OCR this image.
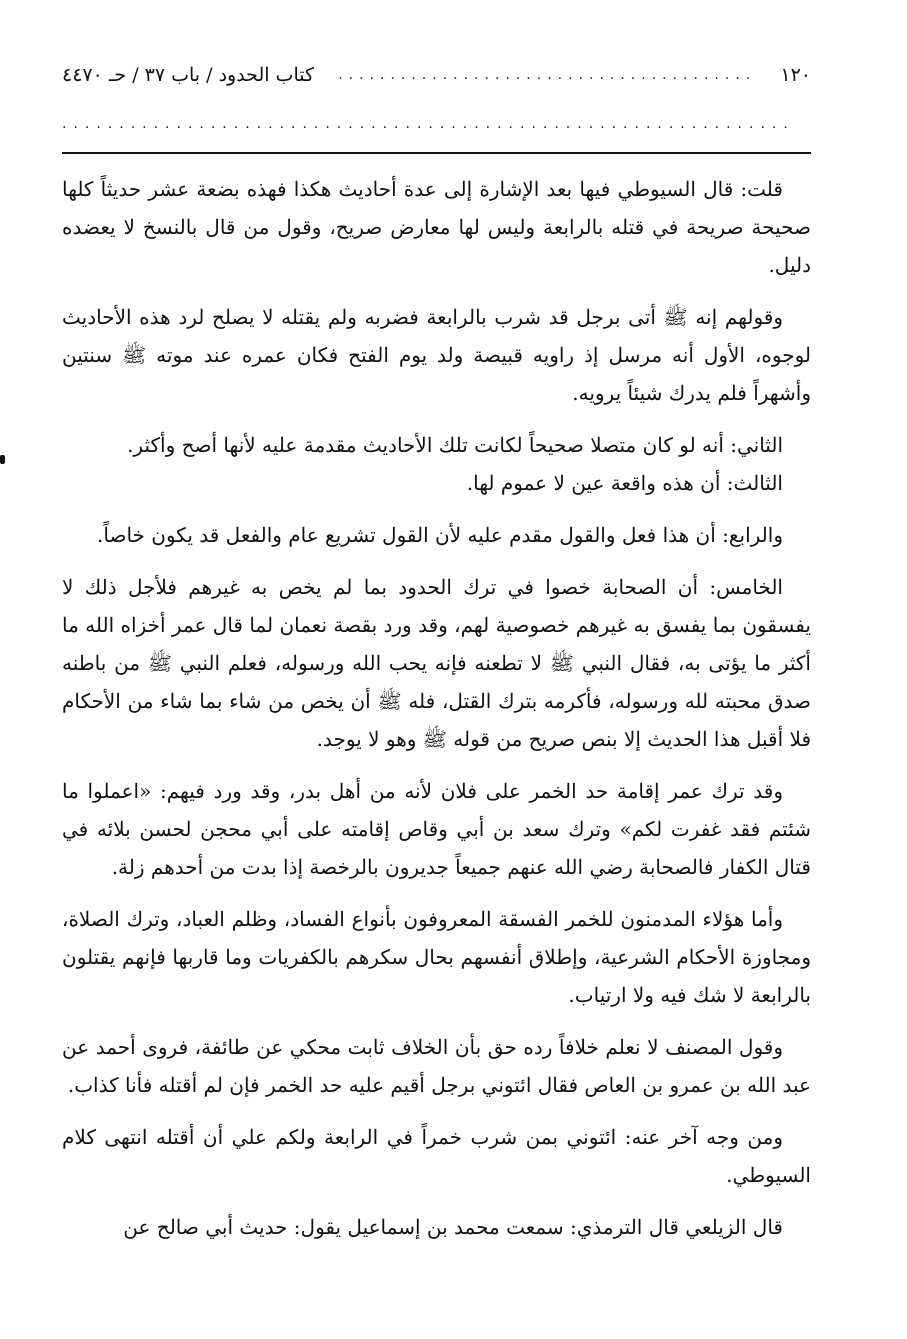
١٢٠
........................................
كتاب الحدود / باب ٣٧ / حـ ٤٤٧٠
................................................................

قلت: قال السيوطي فيها بعد الإشارة إلى عدة أحاديث هكذا فهذه بضعة عشر حديثاً كلها صحيحة صريحة في قتله بالرابعة وليس لها معارض صريح، وقول من قال بالنسخ لا يعضده دليل.

وقولهم إنه ﷺ أتى برجل قد شرب بالرابعة فضربه ولم يقتله لا يصلح لرد هذه الأحاديث لوجوه، الأول أنه مرسل إذ راويه قبيصة ولد يوم الفتح فكان عمره عند موته ﷺ سنتين وأشهراً فلم يدرك شيئاً يرويه.

الثاني: أنه لو كان متصلا صحيحاً لكانت تلك الأحاديث مقدمة عليه لأنها أصح وأكثر.

الثالث: أن هذه واقعة عين لا عموم لها.

والرابع: أن هذا فعل والقول مقدم عليه لأن القول تشريع عام والفعل قد يكون خاصاً.

الخامس: أن الصحابة خصوا في ترك الحدود بما لم يخص به غيرهم فلأجل ذلك لا يفسقون بما يفسق به غيرهم خصوصية لهم، وقد ورد بقصة نعمان لما قال عمر أخزاه الله ما أكثر ما يؤتى به، فقال النبي ﷺ لا تطعنه فإنه يحب الله ورسوله، فعلم النبي ﷺ من باطنه صدق محبته لله ورسوله، فأكرمه بترك القتل، فله ﷺ أن يخص من شاء بما شاء من الأحكام فلا أقبل هذا الحديث إلا بنص صريح من قوله ﷺ وهو لا يوجد.

وقد ترك عمر إقامة حد الخمر على فلان لأنه من أهل بدر، وقد ورد فيهم: «اعملوا ما شئتم فقد غفرت لكم» وترك سعد بن أبي وقاص إقامته على أبي محجن لحسن بلائه في قتال الكفار فالصحابة رضي الله عنهم جميعاً جديرون بالرخصة إذا بدت من أحدهم زلة.

وأما هؤلاء المدمنون للخمر الفسقة المعروفون بأنواع الفساد، وظلم العباد، وترك الصلاة، ومجاوزة الأحكام الشرعية، وإطلاق أنفسهم بحال سكرهم بالكفريات وما قاربها فإنهم يقتلون بالرابعة لا شك فيه ولا ارتياب.

وقول المصنف لا نعلم خلافاً رده حق بأن الخلاف ثابت محكي عن طائفة، فروى أحمد عن عبد الله بن عمرو بن العاص فقال ائتوني برجل أقيم عليه حد الخمر فإن لم أقتله فأنا كذاب.

ومن وجه آخر عنه: ائتوني بمن شرب خمراً في الرابعة ولكم علي أن أقتله انتهى كلام السيوطي.

قال الزيلعي قال الترمذي: سمعت محمد بن إسماعيل يقول: حديث أبي صالح عن
